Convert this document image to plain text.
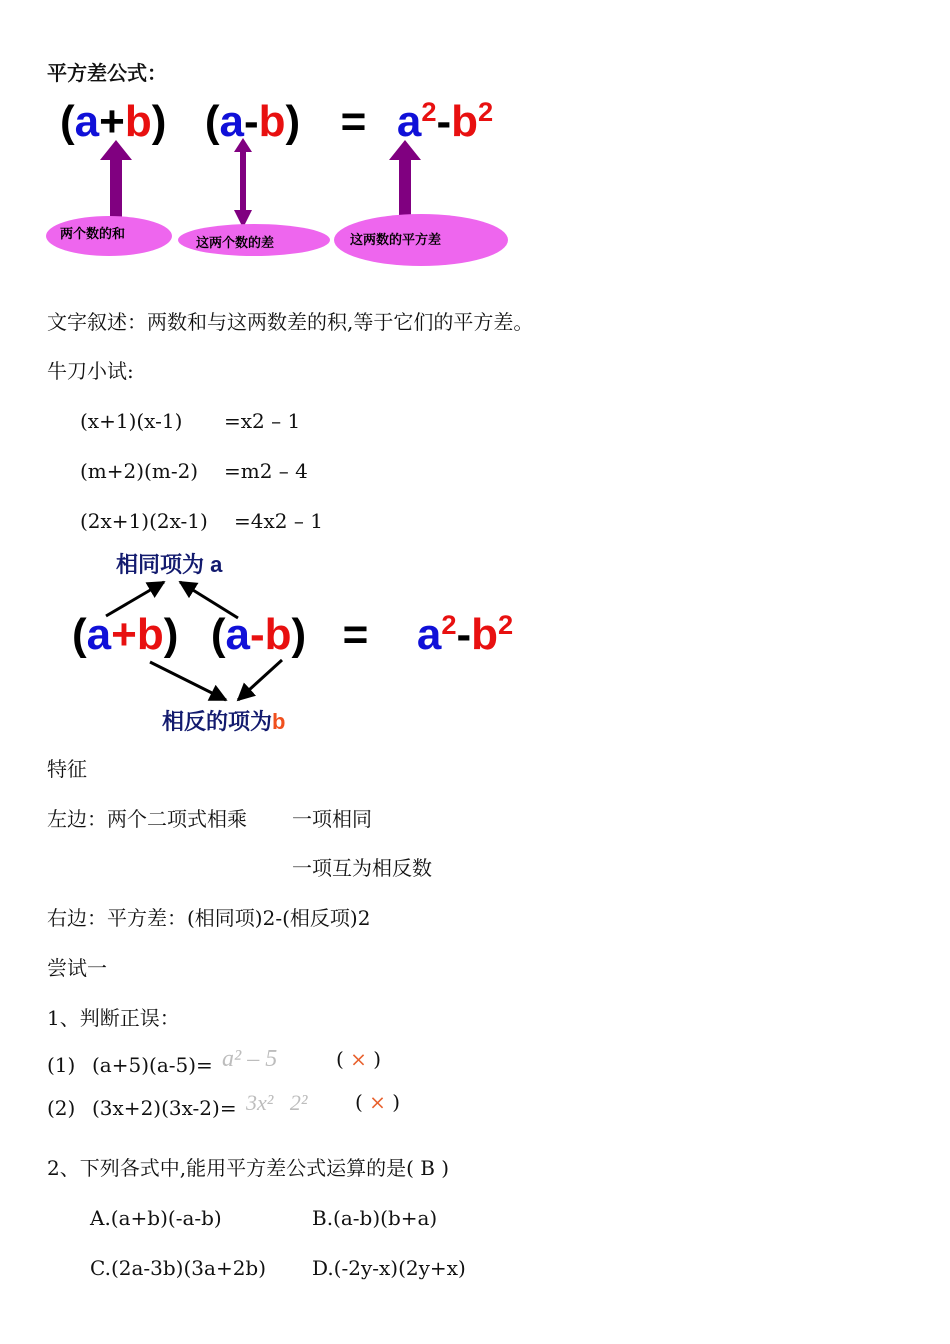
平方差公式：
(a+b) $(a-b) = a^2-b^2$
两个数的和
这两个数的差	这两数的平方差
文字叙述：两数和与这两数差的积,等于它们的平方差。
牛刀小试:
(x+1)(x-1) =x2 – 1
(m+2)(m-2) =m2 – 4
(2x+1)(2x-1) =4x2 – 1
相同项为 a
(a+b) $(a-b) = a^2-b^2$
相反的项为b
特征
左边：两个二项式相乘 一项相同
一项互为相反数
右边：平方差：(相同项)2-(相反项)2
尝试一
1、判断正误：
(1) (a+5)(a-5)= a² – 5	( × )
(2) (3x+2)(3x-2)= 3x²   2² ( × )
2、下列各式中,能用平方差公式运算的是( B )
A.(a+b)(-a-b)	B.(a-b)(b+a)
C.(2a-3b)(3a+2b) D.(-2y-x)(2y+x)
